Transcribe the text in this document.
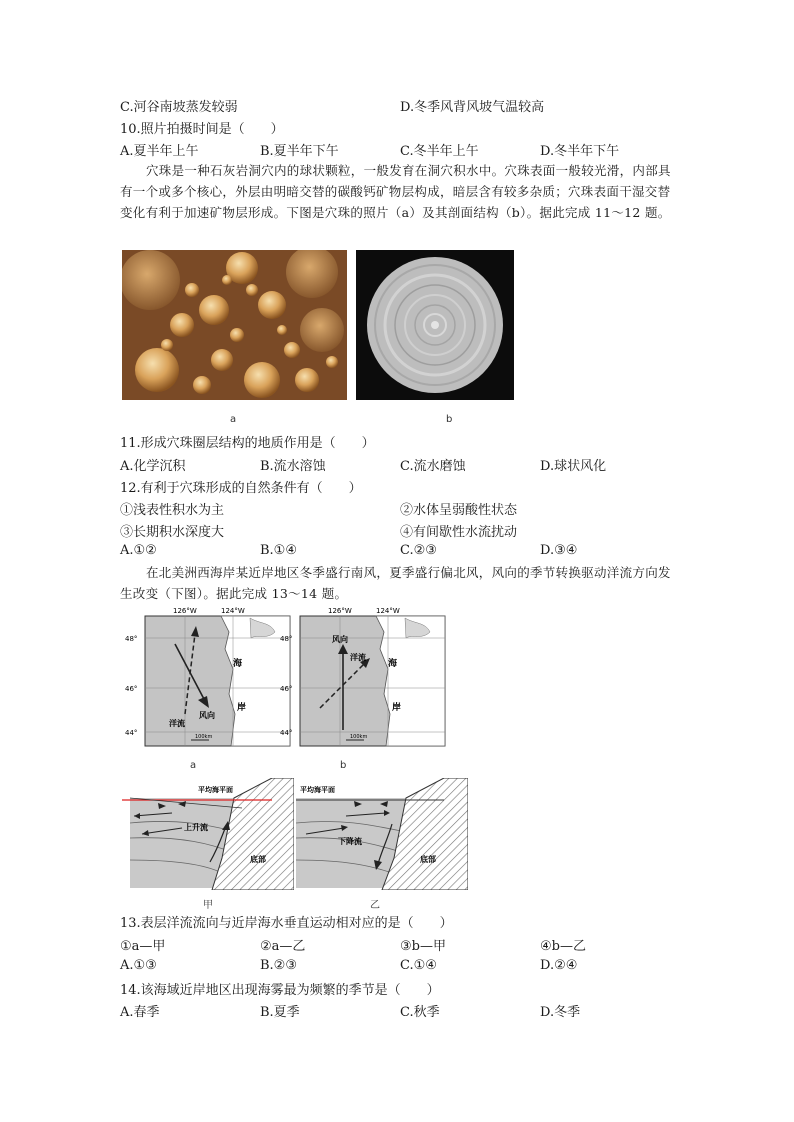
C.河谷南坡蒸发较弱	D.冬季风背风坡气温较高
10.照片拍摄时间是（　　）
A.夏半年上午	B.夏半年下午	C.冬半年上午	D.冬半年下午
穴珠是一种石灰岩洞穴内的球状颗粒，一般发育在洞穴积水中。穴珠表面一般较光滑，内部具有一个或多个核心，外层由明暗交替的碳酸钙矿物层构成，暗层含有较多杂质；穴珠表面干湿交替变化有利于加速矿物层形成。下图是穴珠的照片（a）及其剖面结构（b）。据此完成 11～12 题。
a	b
11.形成穴珠圈层结构的地质作用是（　　）
A.化学沉积	B.流水溶蚀	C.流水磨蚀	D.球状风化
12.有利于穴珠形成的自然条件有（　　）
①浅表性积水为主	②水体呈弱酸性状态
③长期积水深度大	④有间歇性水流扰动
A.①②	B.①④	C.②③	D.③④
在北美洲西海岸某近岸地区冬季盛行南风，夏季盛行偏北风，风向的季节转换驱动洋流方向发生改变（下图）。据此完成 13～14 题。
126°W	124°W
48°
46°
44°
海
岸
风向
洋流
100km
a
126°W	124°W
48°
46°
44°
风向
洋流
海
岸
100km
b
平均海平面
上升流
底部
甲
平均海平面
下降流
底部
乙
13.表层洋流流向与近岸海水垂直运动相对应的是（　　）
①a—甲	②a—乙	③b—甲	④b—乙
A.①③	B.②③	C.①④	D.②④
14.该海域近岸地区出现海雾最为频繁的季节是（　　）
A.春季	B.夏季	C.秋季	D.冬季
